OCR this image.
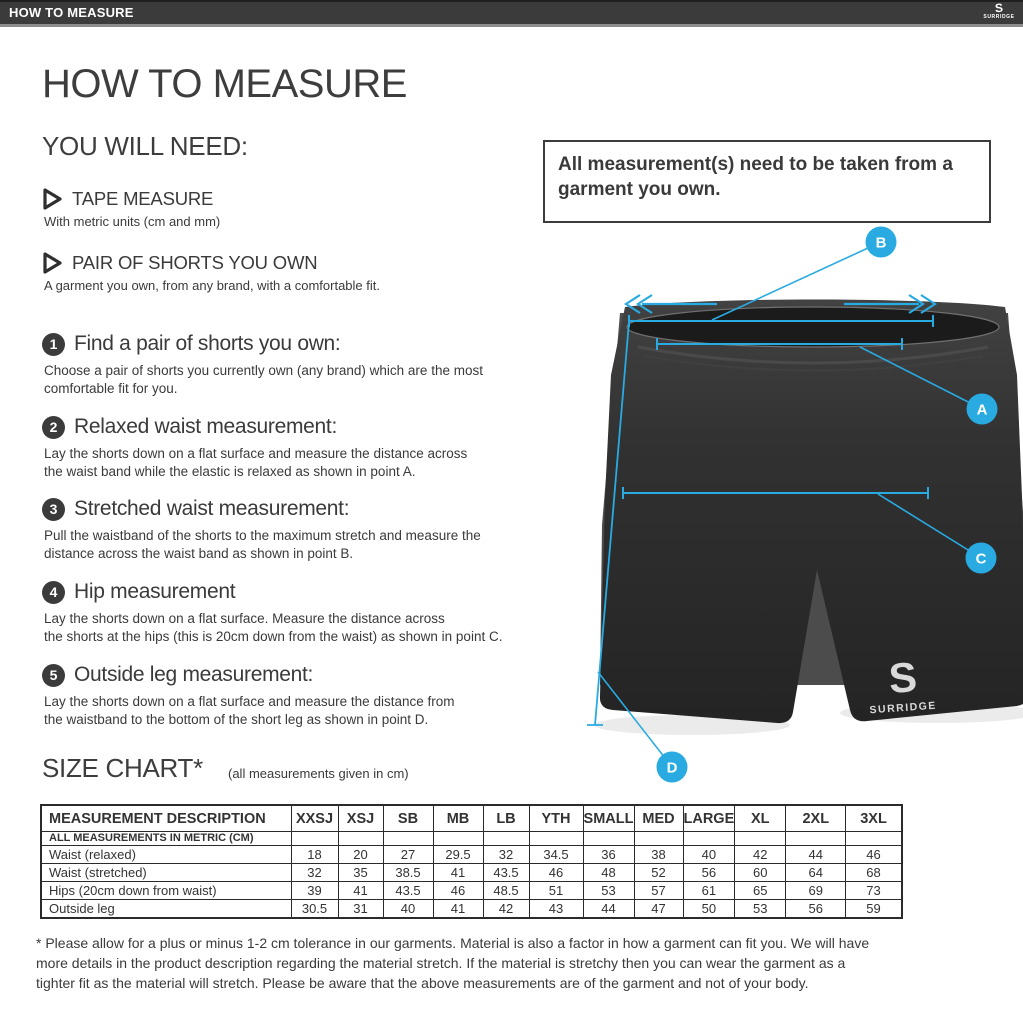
HOW TO MEASURE	S
SURRIDGE
HOW TO MEASURE
YOU WILL NEED:
TAPE MEASURE
With metric units (cm and mm)
PAIR OF SHORTS YOU OWN
A garment you own, from any brand, with a comfortable fit.
1 Find a pair of shorts you own:
Choose a pair of shorts you currently own (any brand) which are the most
comfortable fit for you.
2 Relaxed waist measurement:
Lay the shorts down on a flat surface and measure the distance across
the waist band while the elastic is relaxed as shown in point A.
3 Stretched waist measurement:
Pull the waistband of the shorts to the maximum stretch and measure the
distance across the waist band as shown in point B.
4 Hip measurement
Lay the shorts down on a flat surface. Measure the distance across
the shorts at the hips (this is 20cm down from the waist) as shown in point C.
5 Outside leg measurement:
Lay the shorts down on a flat surface and measure the distance from
the waistband to the bottom of the short leg as shown in point D.
All measurement(s) need to be taken from a
garment you own.
S
SURRIDGE
B
A
C
D
SIZE CHART* (all measurements given in cm)
MEASUREMENT DESCRIPTION	XXSJ	XSJ	SB	MB	LB	YTH	SMALL	MED	LARGE	XL	2XL	3XL
ALL MEASUREMENTS IN METRIC (CM)												
Waist (relaxed)	18	20	27	29.5	32	34.5	36	38	40	42	44	46
Waist (stretched)	32	35	38.5	41	43.5	46	48	52	56	60	64	68
Hips (20cm down from waist)	39	41	43.5	46	48.5	51	53	57	61	65	69	73
Outside leg	30.5	31	40	41	42	43	44	47	50	53	56	59
* Please allow for a plus or minus 1-2 cm tolerance in our garments. Material is also a factor in how a garment can fit you. We will have
more details in the product description regarding the material stretch. If the material is stretchy then you can wear the garment as a
tighter fit as the material will stretch. Please be aware that the above measurements are of the garment and not of your body.
